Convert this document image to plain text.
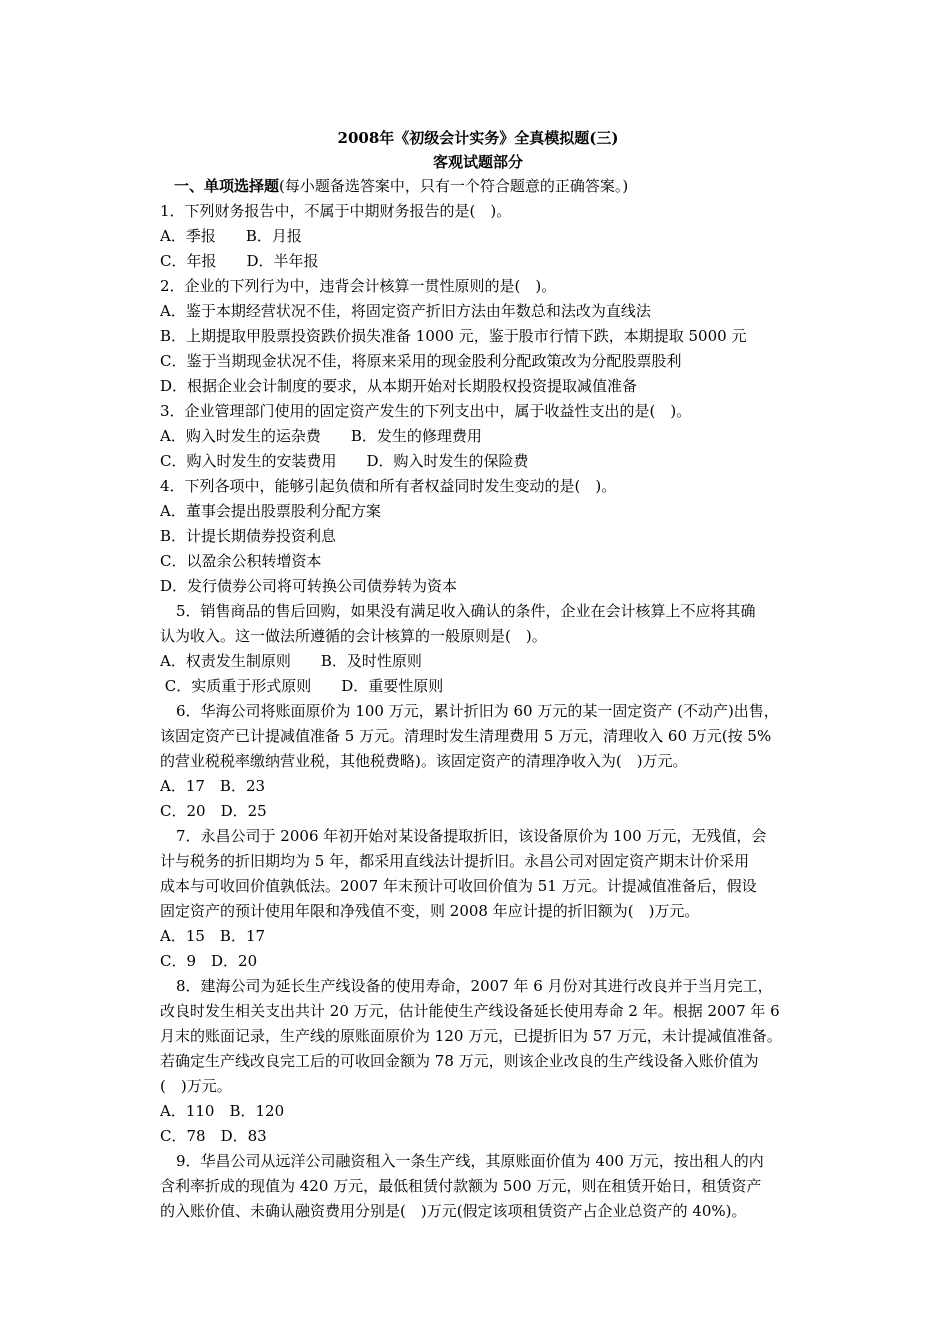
2008年《初级会计实务》全真模拟题(三)

客观试题部分

一、单项选择题(每小题备选答案中，只有一个符合题意的正确答案。)

1．下列财务报告中，不属于中期财务报告的是(　)。

A．季报　　B．月报

C．年报　　D．半年报

2．企业的下列行为中，违背会计核算一贯性原则的是(　)。

A．鉴于本期经营状况不佳，将固定资产折旧方法由年数总和法改为直线法

B．上期提取甲股票投资跌价损失准备 1000 元，鉴于股市行情下跌，本期提取 5000 元

C．鉴于当期现金状况不佳，将原来采用的现金股利分配政策改为分配股票股利

D．根据企业会计制度的要求，从本期开始对长期股权投资提取减值准备

3．企业管理部门使用的固定资产发生的下列支出中，属于收益性支出的是(　)。

A．购入时发生的运杂费　　B．发生的修理费用

C．购入时发生的安装费用　　D．购入时发生的保险费

4．下列各项中，能够引起负债和所有者权益同时发生变动的是(　)。

A．董事会提出股票股利分配方案

B．计提长期债券投资利息

C．以盈余公积转增资本

D．发行债券公司将可转换公司债券转为资本

5．销售商品的售后回购，如果没有满足收入确认的条件，企业在会计核算上不应将其确
认为收入。这一做法所遵循的会计核算的一般原则是(　)。

A．权责发生制原则　　B．及时性原则

C．实质重于形式原则　　D．重要性原则

6．华海公司将账面原价为 100 万元，累计折旧为 60 万元的某一固定资产 (不动产)出售，
该固定资产已计提减值准备 5 万元。清理时发生清理费用 5 万元，清理收入 60 万元(按 5%
的营业税税率缴纳营业税，其他税费略)。该固定资产的清理净收入为(　)万元。

A．17　B．23

C．20　D．25

7．永昌公司于 2006 年初开始对某设备提取折旧，该设备原价为 100 万元，无残值，会
计与税务的折旧期均为 5 年，都采用直线法计提折旧。永昌公司对固定资产期末计价采用
成本与可收回价值孰低法。2007 年末预计可收回价值为 51 万元。计提减值准备后，假设
固定资产的预计使用年限和净残值不变，则 2008 年应计提的折旧额为(　)万元。

A．15　B．17

C．9　D．20

8．建海公司为延长生产线设备的使用寿命，2007 年 6 月份对其进行改良并于当月完工，
改良时发生相关支出共计 20 万元，估计能使生产线设备延长使用寿命 2 年。根据 2007 年 6
月末的账面记录，生产线的原账面原价为 120 万元，已提折旧为 57 万元，未计提减值准备。
若确定生产线改良完工后的可收回金额为 78 万元，则该企业改良的生产线设备入账价值为
(　)万元。

A．110　B．120

C．78　D．83

9．华昌公司从远洋公司融资租入一条生产线，其原账面价值为 400 万元，按出租人的内
含利率折成的现值为 420 万元，最低租赁付款额为 500 万元，则在租赁开始日，租赁资产
的入账价值、未确认融资费用分别是(　)万元(假定该项租赁资产占企业总资产的 40%)。
